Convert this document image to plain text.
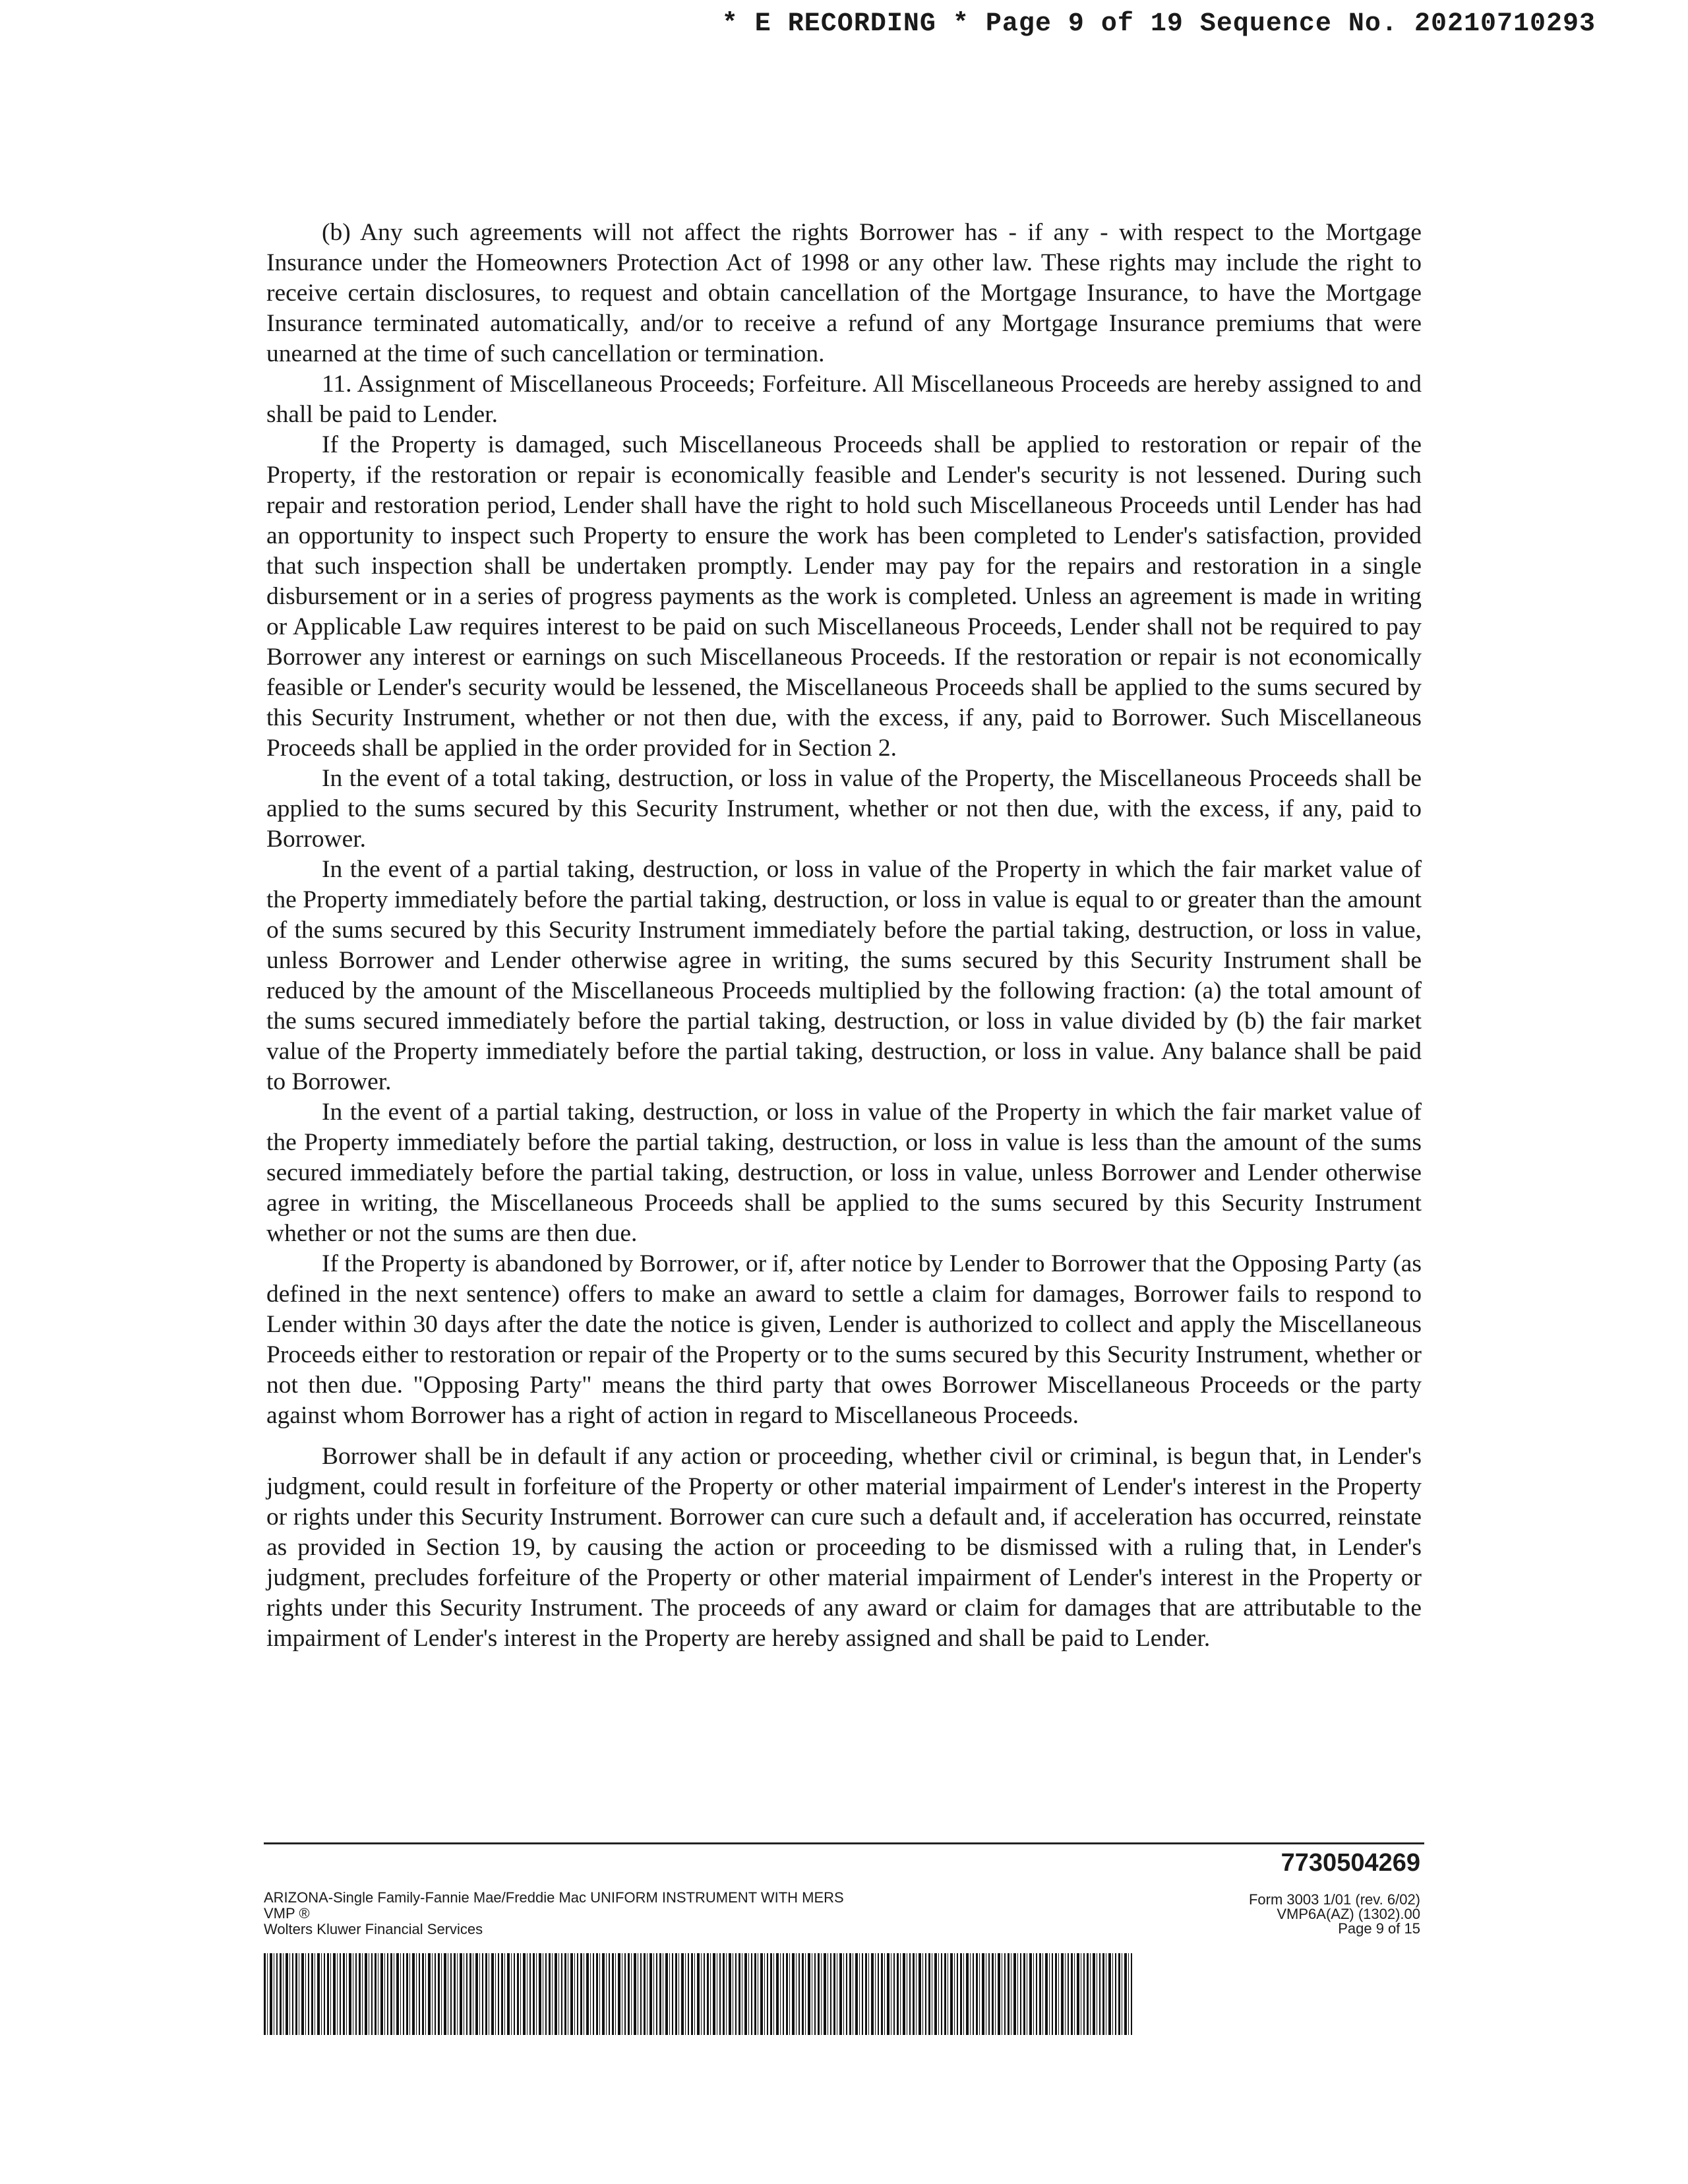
* E RECORDING * Page 9 of 19 Sequence No. 20210710293

(b) Any such agreements will not affect the rights Borrower has - if any - with respect to the Mortgage Insurance under the Homeowners Protection Act of 1998 or any other law. These rights may include the right to receive certain disclosures, to request and obtain cancellation of the Mortgage Insurance, to have the Mortgage Insurance terminated automatically, and/or to receive a refund of any Mortgage Insurance premiums that were unearned at the time of such cancellation or termination.

11. Assignment of Miscellaneous Proceeds; Forfeiture. All Miscellaneous Proceeds are hereby assigned to and shall be paid to Lender.

If the Property is damaged, such Miscellaneous Proceeds shall be applied to restoration or repair of the Property, if the restoration or repair is economically feasible and Lender's security is not lessened. During such repair and restoration period, Lender shall have the right to hold such Miscellaneous Proceeds until Lender has had an opportunity to inspect such Property to ensure the work has been completed to Lender's satisfaction, provided that such inspection shall be undertaken promptly. Lender may pay for the repairs and restoration in a single disbursement or in a series of progress payments as the work is completed. Unless an agreement is made in writing or Applicable Law requires interest to be paid on such Miscellaneous Proceeds, Lender shall not be required to pay Borrower any interest or earnings on such Miscellaneous Proceeds. If the restoration or repair is not economically feasible or Lender's security would be lessened, the Miscellaneous Proceeds shall be applied to the sums secured by this Security Instrument, whether or not then due, with the excess, if any, paid to Borrower. Such Miscellaneous Proceeds shall be applied in the order provided for in Section 2.

In the event of a total taking, destruction, or loss in value of the Property, the Miscellaneous Proceeds shall be applied to the sums secured by this Security Instrument, whether or not then due, with the excess, if any, paid to Borrower.

In the event of a partial taking, destruction, or loss in value of the Property in which the fair market value of the Property immediately before the partial taking, destruction, or loss in value is equal to or greater than the amount of the sums secured by this Security Instrument immediately before the partial taking, destruction, or loss in value, unless Borrower and Lender otherwise agree in writing, the sums secured by this Security Instrument shall be reduced by the amount of the Miscellaneous Proceeds multiplied by the following fraction: (a) the total amount of the sums secured immediately before the partial taking, destruction, or loss in value divided by (b) the fair market value of the Property immediately before the partial taking, destruction, or loss in value. Any balance shall be paid to Borrower.

In the event of a partial taking, destruction, or loss in value of the Property in which the fair market value of the Property immediately before the partial taking, destruction, or loss in value is less than the amount of the sums secured immediately before the partial taking, destruction, or loss in value, unless Borrower and Lender otherwise agree in writing, the Miscellaneous Proceeds shall be applied to the sums secured by this Security Instrument whether or not the sums are then due.

If the Property is abandoned by Borrower, or if, after notice by Lender to Borrower that the Opposing Party (as defined in the next sentence) offers to make an award to settle a claim for damages, Borrower fails to respond to Lender within 30 days after the date the notice is given, Lender is authorized to collect and apply the Miscellaneous Proceeds either to restoration or repair of the Property or to the sums secured by this Security Instrument, whether or not then due. "Opposing Party" means the third party that owes Borrower Miscellaneous Proceeds or the party against whom Borrower has a right of action in regard to Miscellaneous Proceeds.

Borrower shall be in default if any action or proceeding, whether civil or criminal, is begun that, in Lender's judgment, could result in forfeiture of the Property or other material impairment of Lender's interest in the Property or rights under this Security Instrument. Borrower can cure such a default and, if acceleration has occurred, reinstate as provided in Section 19, by causing the action or proceeding to be dismissed with a ruling that, in Lender's judgment, precludes forfeiture of the Property or other material impairment of Lender's interest in the Property or rights under this Security Instrument. The proceeds of any award or claim for damages that are attributable to the impairment of Lender's interest in the Property are hereby assigned and shall be paid to Lender.

7730504269
ARIZONA-Single Family-Fannie Mae/Freddie Mac UNIFORM INSTRUMENT WITH MERS
VMP ®
Wolters Kluwer Financial Services
Form 3003 1/01 (rev. 6/02)
VMP6A(AZ) (1302).00
Page 9 of 15
